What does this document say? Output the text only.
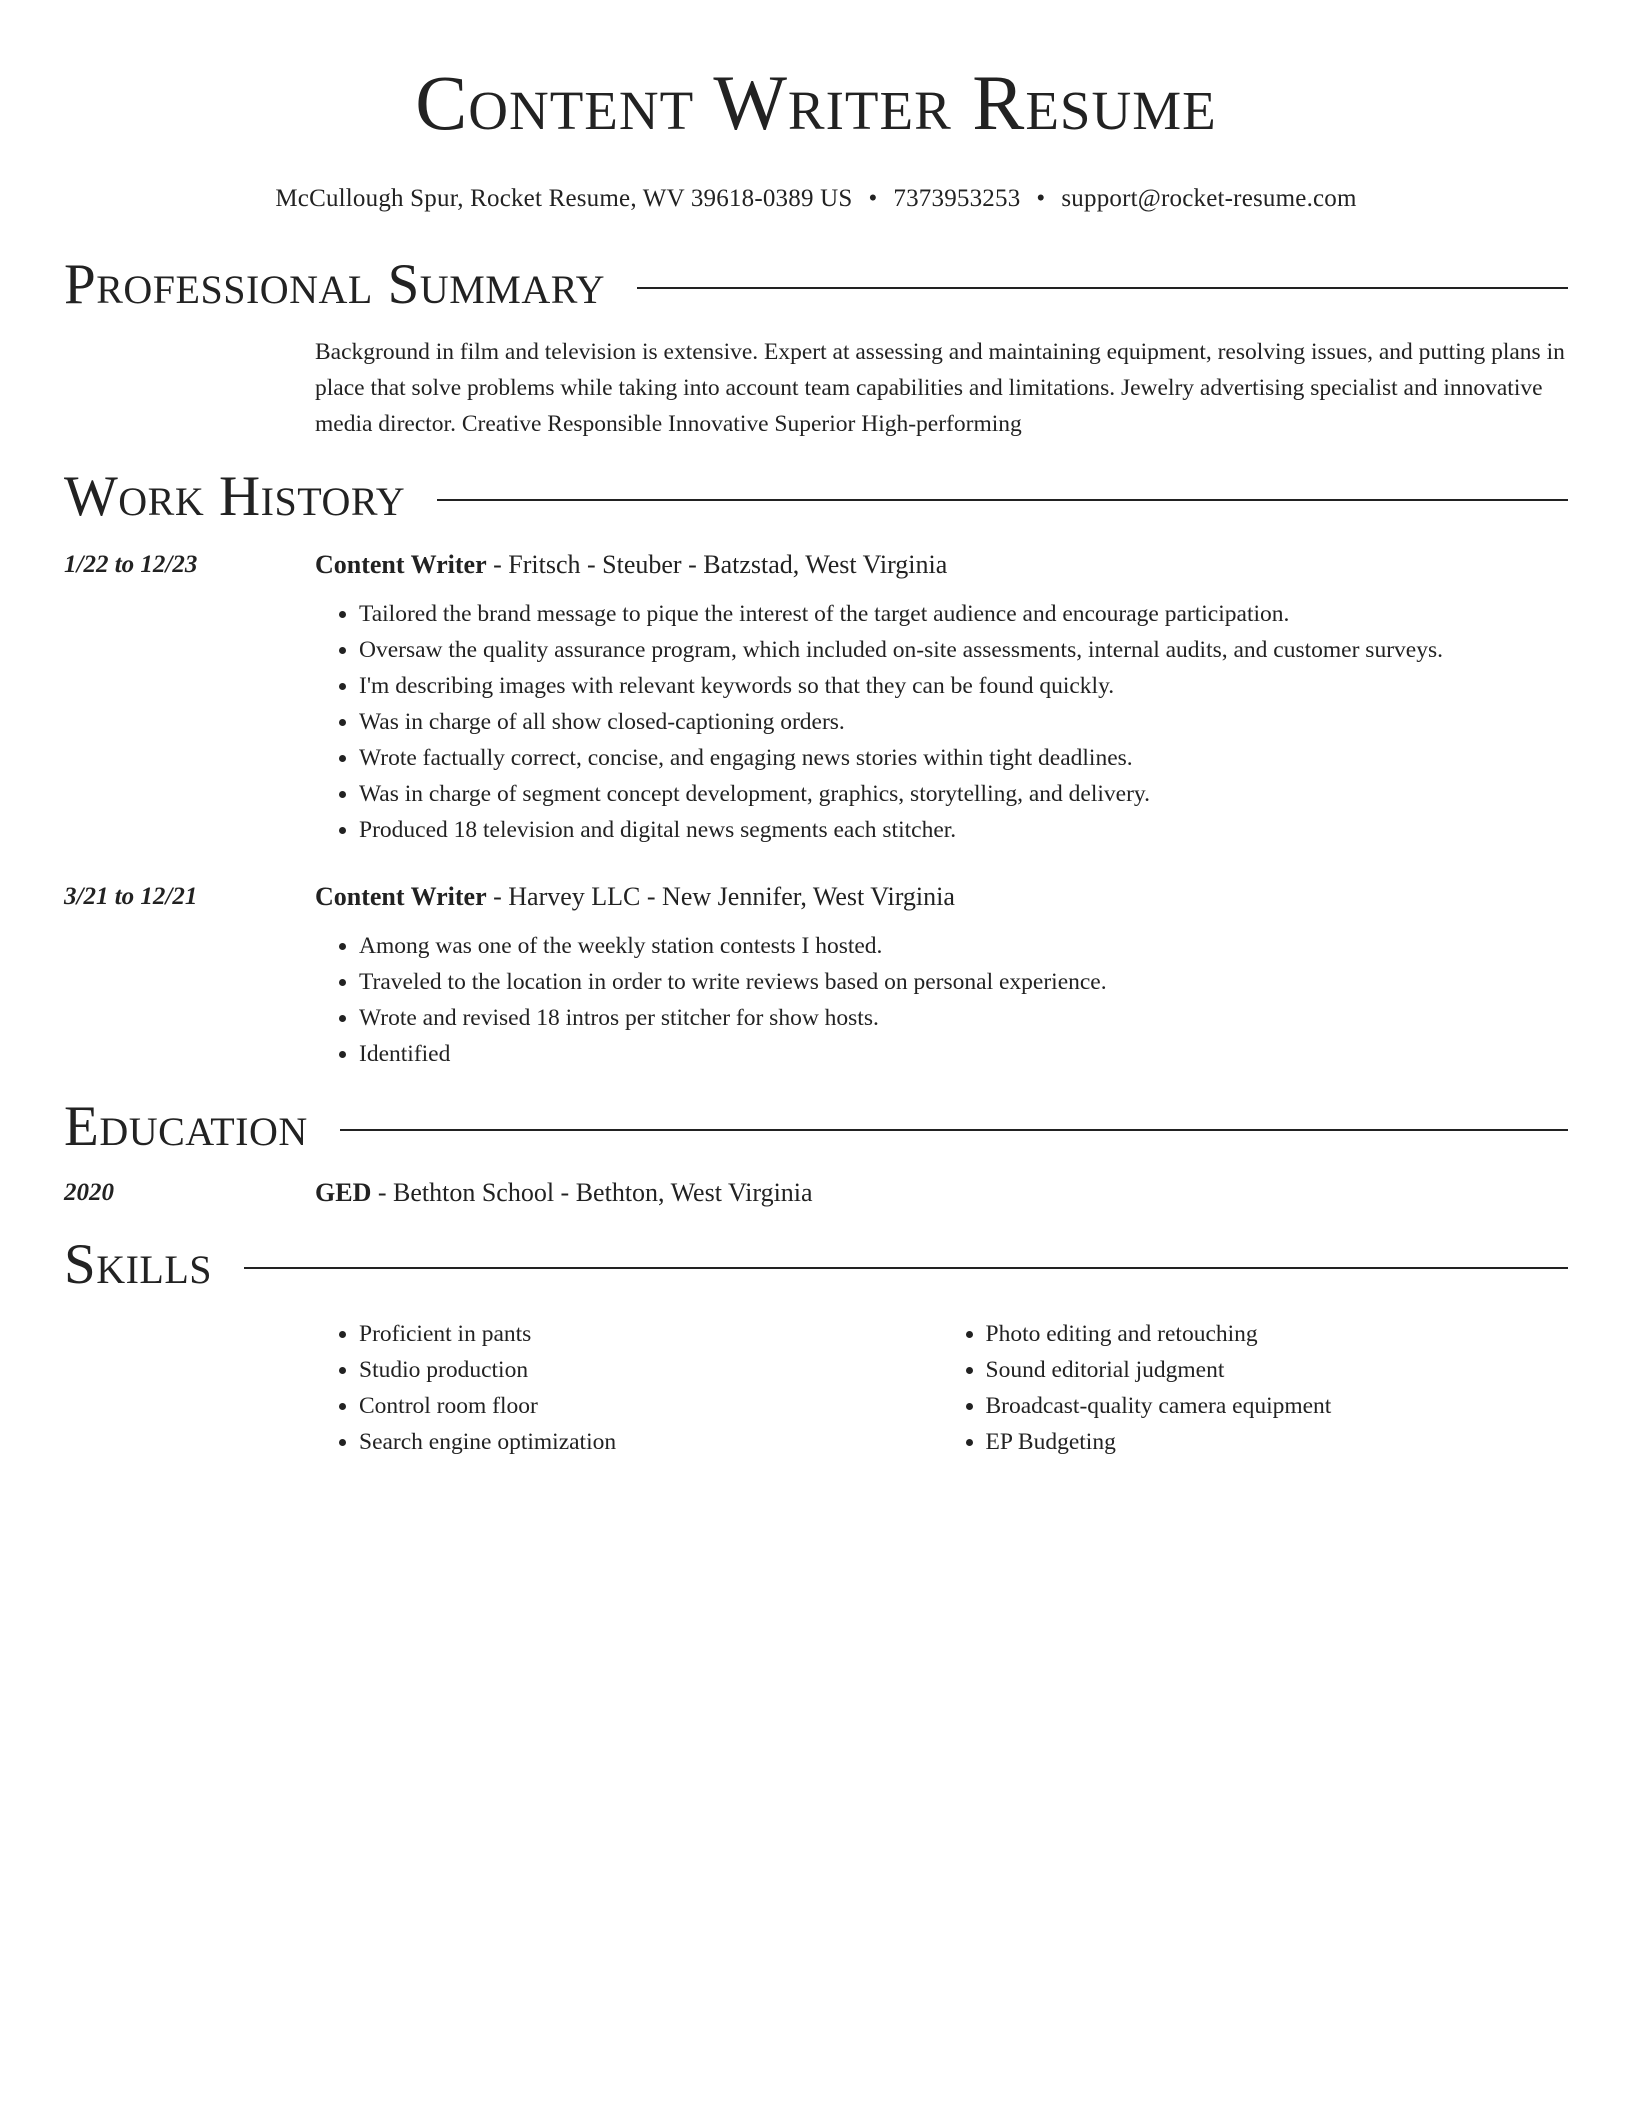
Content Writer Resume
McCullough Spur, Rocket Resume, WV 39618-0389 US • 7373953253 • support@rocket-resume.com
Professional Summary
Background in film and television is extensive. Expert at assessing and maintaining equipment, resolving issues, and putting plans in place that solve problems while taking into account team capabilities and limitations. Jewelry advertising specialist and innovative media director. Creative Responsible Innovative Superior High-performing
Work History
1/22 to 12/23	Content Writer - Fritsch - Steuber - Batzstad, West Virginia
• Tailored the brand message to pique the interest of the target audience and encourage participation.
• Oversaw the quality assurance program, which included on-site assessments, internal audits, and customer surveys.
• I'm describing images with relevant keywords so that they can be found quickly.
• Was in charge of all show closed-captioning orders.
• Wrote factually correct, concise, and engaging news stories within tight deadlines.
• Was in charge of segment concept development, graphics, storytelling, and delivery.
• Produced 18 television and digital news segments each stitcher.
3/21 to 12/21	Content Writer - Harvey LLC - New Jennifer, West Virginia
• Among was one of the weekly station contests I hosted.
• Traveled to the location in order to write reviews based on personal experience.
• Wrote and revised 18 intros per stitcher for show hosts.
• Identified
Education
2020	GED - Bethton School - Bethton, West Virginia
Skills
• Proficient in pants
• Studio production
• Control room floor
• Search engine optimization
• Photo editing and retouching
• Sound editorial judgment
• Broadcast-quality camera equipment
• EP Budgeting
